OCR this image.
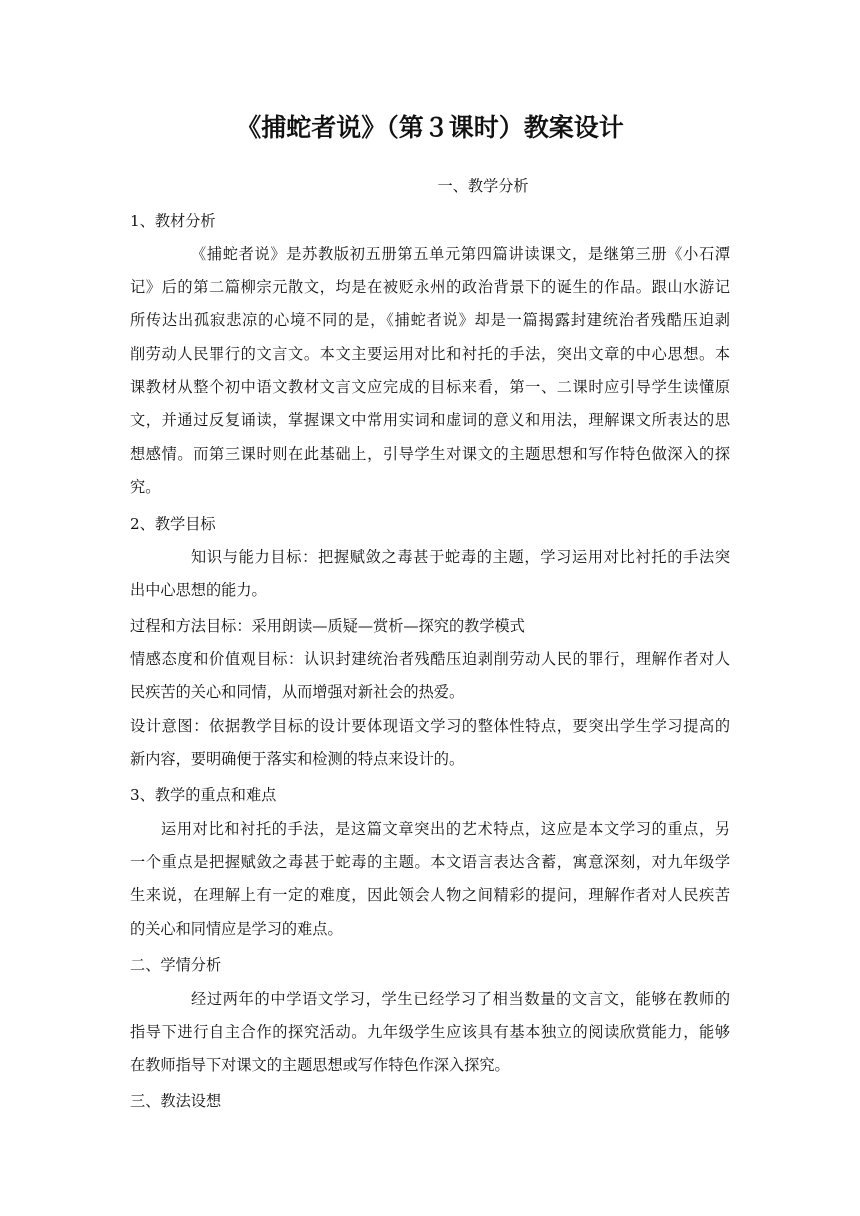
《捕蛇者说》（第３课时）教案设计
一、教学分析
1、教材分析
《捕蛇者说》是苏教版初五册第五单元第四篇讲读课文，是继第三册《小石潭
记》后的第二篇柳宗元散文，均是在被贬永州的政治背景下的诞生的作品。跟山水游记
所传达出孤寂悲凉的心境不同的是，《捕蛇者说》却是一篇揭露封建统治者残酷压迫剥
削劳动人民罪行的文言文。本文主要运用对比和衬托的手法，突出文章的中心思想。本
课教材从整个初中语文教材文言文应完成的目标来看，第一、二课时应引导学生读懂原
文，并通过反复诵读，掌握课文中常用实词和虚词的意义和用法，理解课文所表达的思
想感情。而第三课时则在此基础上，引导学生对课文的主题思想和写作特色做深入的探
究。
2、教学目标
知识与能力目标：把握赋敛之毒甚于蛇毒的主题，学习运用对比衬托的手法突
出中心思想的能力。
过程和方法目标：采用朗读—质疑—赏析—探究的教学模式
情感态度和价值观目标：认识封建统治者残酷压迫剥削劳动人民的罪行，理解作者对人
民疾苦的关心和同情，从而增强对新社会的热爱。
设计意图：依据教学目标的设计要体现语文学习的整体性特点，要突出学生学习提高的
新内容，要明确便于落实和检测的特点来设计的。
3、教学的重点和难点
运用对比和衬托的手法，是这篇文章突出的艺术特点，这应是本文学习的重点，另
一个重点是把握赋敛之毒甚于蛇毒的主题。本文语言表达含蓄，寓意深刻，对九年级学
生来说，在理解上有一定的难度，因此领会人物之间精彩的提问，理解作者对人民疾苦
的关心和同情应是学习的难点。
二、学情分析
经过两年的中学语文学习，学生已经学习了相当数量的文言文，能够在教师的
指导下进行自主合作的探究活动。九年级学生应该具有基本独立的阅读欣赏能力，能够
在教师指导下对课文的主题思想或写作特色作深入探究。
三、教法设想
